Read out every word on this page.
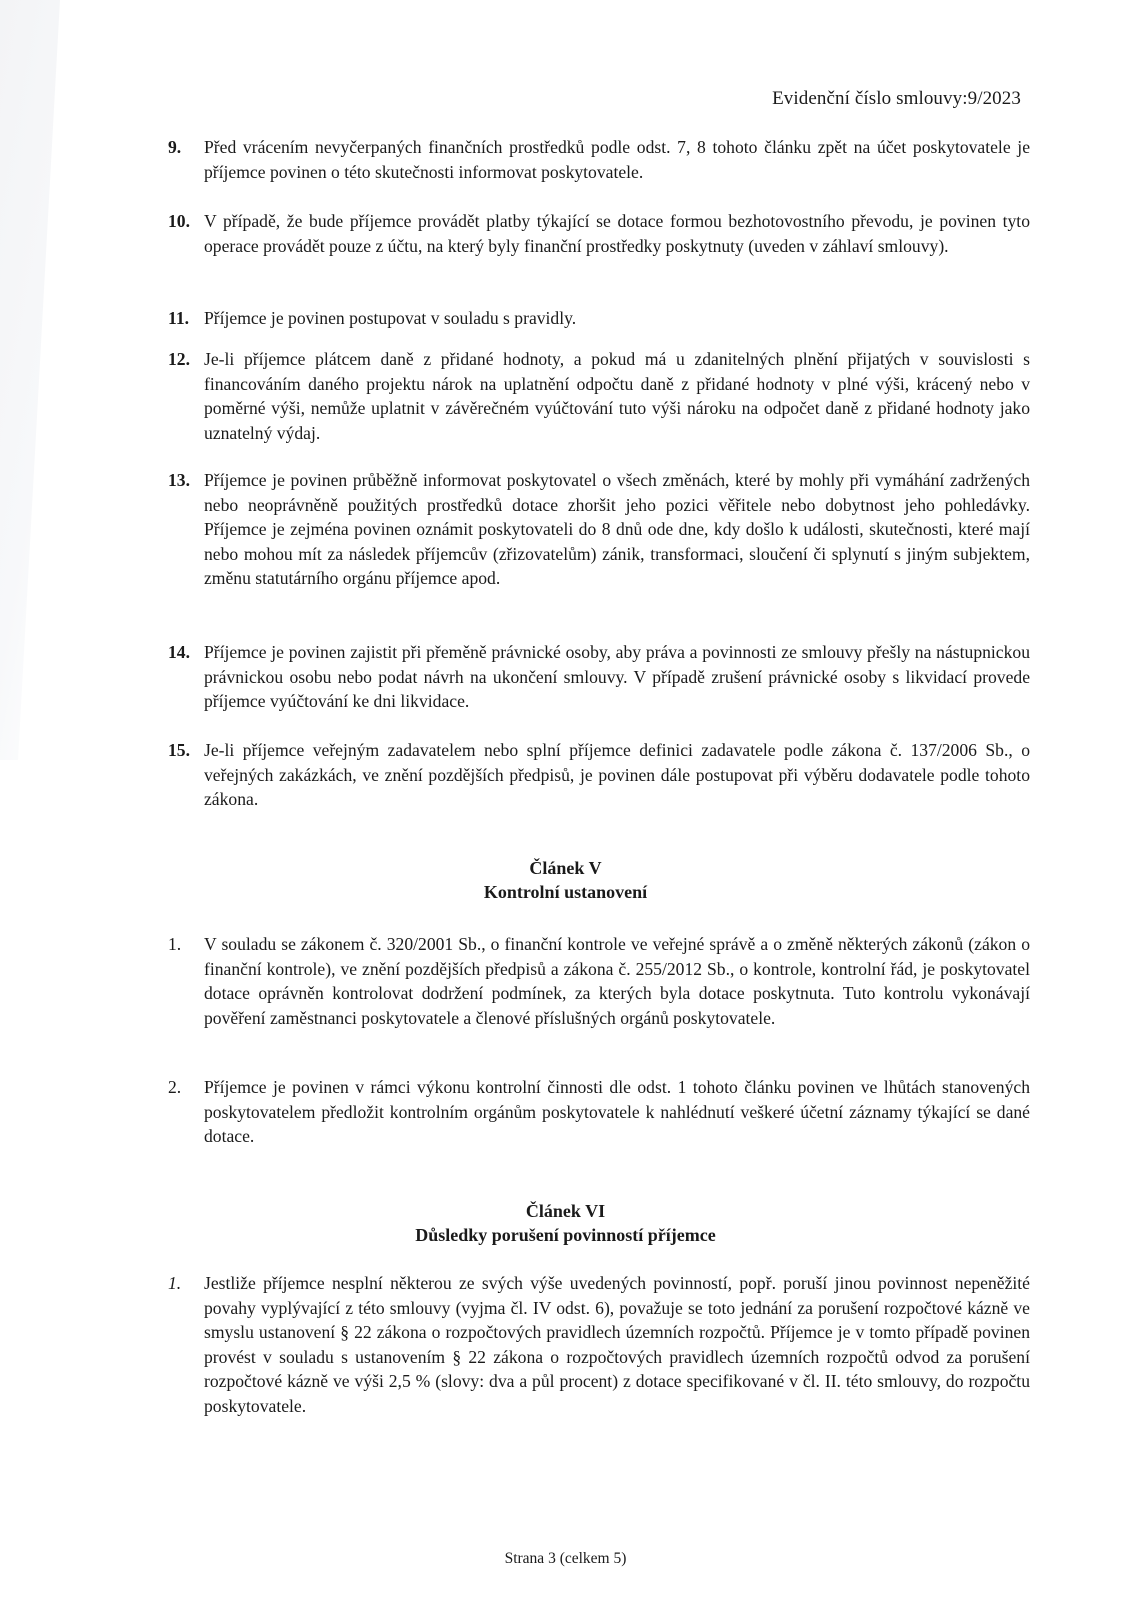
Evidenční číslo smlouvy:9/2023
9. Před vrácením nevyčerpaných finančních prostředků podle odst. 7, 8 tohoto článku zpět na účet poskytovatele je příjemce povinen o této skutečnosti informovat poskytovatele.
10. V případě, že bude příjemce provádět platby týkající se dotace formou bezhotovostního převodu, je povinen tyto operace provádět pouze z účtu, na který byly finanční prostředky poskytnuty (uveden v záhlaví smlouvy).
11. Příjemce je povinen postupovat v souladu s pravidly.
12. Je-li příjemce plátcem daně z přidané hodnoty, a pokud má u zdanitelných plnění přijatých v souvislosti s financováním daného projektu nárok na uplatnění odpočtu daně z přidané hodnoty v plné výši, krácený nebo v poměrné výši, nemůže uplatnit v závěrečném vyúčtování tuto výši nároku na odpočet daně z přidané hodnoty jako uznatelný výdaj.
13. Příjemce je povinen průběžně informovat poskytovatel o všech změnách, které by mohly při vymáhání zadržených nebo neoprávněně použitých prostředků dotace zhoršit jeho pozici věřitele nebo dobytnost jeho pohledávky. Příjemce je zejména povinen oznámit poskytovateli do 8 dnů ode dne, kdy došlo k události, skutečnosti, které mají nebo mohou mít za následek příjemcův (zřizovatelům) zánik, transformaci, sloučení či splynutí s jiným subjektem, změnu statutárního orgánu příjemce apod.
14. Příjemce je povinen zajistit při přeměně právnické osoby, aby práva a povinnosti ze smlouvy přešly na nástupnickou právnickou osobu nebo podat návrh na ukončení smlouvy. V případě zrušení právnické osoby s likvidací provede příjemce vyúčtování ke dni likvidace.
15. Je-li příjemce veřejným zadavatelem nebo splní příjemce definici zadavatele podle zákona č. 137/2006 Sb., o veřejných zakázkách, ve znění pozdějších předpisů, je povinen dále postupovat při výběru dodavatele podle tohoto zákona.
Článek V
Kontrolní ustanovení
1. V souladu se zákonem č. 320/2001 Sb., o finanční kontrole ve veřejné správě a o změně některých zákonů (zákon o finanční kontrole), ve znění pozdějších předpisů a zákona č. 255/2012 Sb., o kontrole, kontrolní řád, je poskytovatel dotace oprávněn kontrolovat dodržení podmínek, za kterých byla dotace poskytnuta. Tuto kontrolu vykonávají pověření zaměstnanci poskytovatele a členové příslušných orgánů poskytovatele.
2. Příjemce je povinen v rámci výkonu kontrolní činnosti dle odst. 1 tohoto článku povinen ve lhůtách stanovených poskytovatelem předložit kontrolním orgánům poskytovatele k nahlédnutí veškeré účetní záznamy týkající se dané dotace.
Článek VI
Důsledky porušení povinností příjemce
1. Jestliže příjemce nesplní některou ze svých výše uvedených povinností, popř. poruší jinou povinnost nepeněžité povahy vyplývající z této smlouvy (vyjma čl. IV odst. 6), považuje se toto jednání za porušení rozpočtové kázně ve smyslu ustanovení § 22 zákona o rozpočtových pravidlech územních rozpočtů. Příjemce je v tomto případě povinen provést v souladu s ustanovením § 22 zákona o rozpočtových pravidlech územních rozpočtů odvod za porušení rozpočtové kázně ve výši 2,5 % (slovy: dva a půl procent) z dotace specifikované v čl. II. této smlouvy, do rozpočtu poskytovatele.
Strana 3 (celkem 5)
